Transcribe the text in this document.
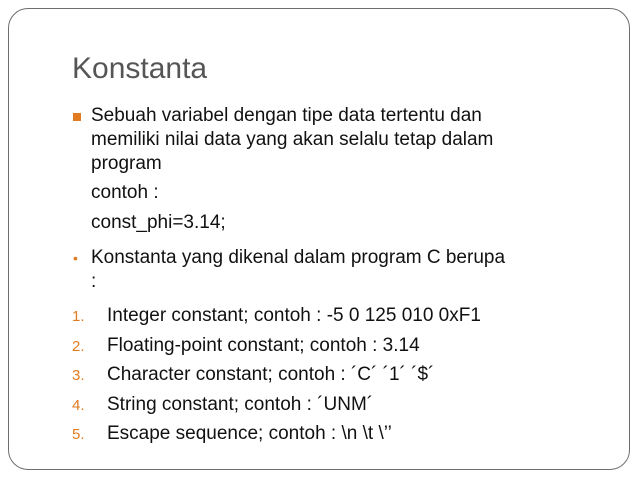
Konstanta
Sebuah variabel dengan tipe data tertentu dan
memiliki nilai data yang akan selalu tetap dalam
program
contoh :
const_phi=3.14;
• Konstanta yang dikenal dalam program C berupa
:
1. Integer constant; contoh : -5 0 125 010 0xF1
2. Floating-point constant; contoh : 3.14
3. Character constant; contoh : ´C´ ´1´ ´$´
4. String constant; contoh : ´UNM´
5. Escape sequence; contoh : \n \t \’’
